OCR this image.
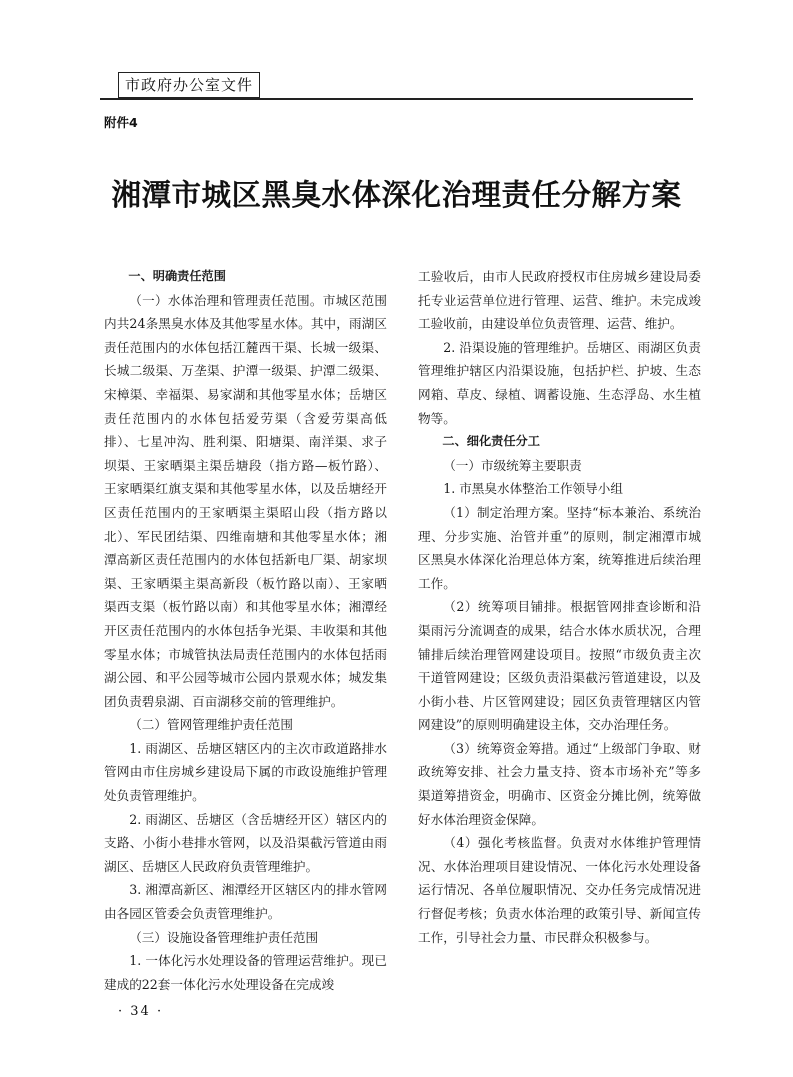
市政府办公室文件
附件4
湘潭市城区黑臭水体深化治理责任分解方案

一、明确责任范围

（一）水体治理和管理责任范围。市城区范围内共24条黑臭水体及其他零星水体。其中，雨湖区责任范围内的水体包括江麓西干渠、长城一级渠、长城二级渠、万垄渠、护潭一级渠、护潭二级渠、宋樟渠、幸福渠、易家湖和其他零星水体；岳塘区责任范围内的水体包括爱劳渠（含爱劳渠高低排）、七星冲沟、胜利渠、阳塘渠、南洋渠、求子坝渠、王家晒渠主渠岳塘段（指方路—板竹路）、王家晒渠红旗支渠和其他零星水体，以及岳塘经开区责任范围内的王家晒渠主渠昭山段（指方路以北）、军民团结渠、四维南塘和其他零星水体；湘潭高新区责任范围内的水体包括新电厂渠、胡家坝渠、王家晒渠主渠高新段（板竹路以南）、王家晒渠西支渠（板竹路以南）和其他零星水体；湘潭经开区责任范围内的水体包括争光渠、丰收渠和其他零星水体；市城管执法局责任范围内的水体包括雨湖公园、和平公园等城市公园内景观水体；城发集团负责碧泉湖、百亩湖移交前的管理维护。

（二）管网管理维护责任范围

1. 雨湖区、岳塘区辖区内的主次市政道路排水管网由市住房城乡建设局下属的市政设施维护管理处负责管理维护。

2. 雨湖区、岳塘区（含岳塘经开区）辖区内的支路、小街小巷排水管网，以及沿渠截污管道由雨湖区、岳塘区人民政府负责管理维护。

3. 湘潭高新区、湘潭经开区辖区内的排水管网由各园区管委会负责管理维护。

（三）设施设备管理维护责任范围

1. 一体化污水处理设备的管理运营维护。现已建成的22套一体化污水处理设备在完成竣

工验收后，由市人民政府授权市住房城乡建设局委托专业运营单位进行管理、运营、维护。未完成竣工验收前，由建设单位负责管理、运营、维护。

2. 沿渠设施的管理维护。岳塘区、雨湖区负责管理维护辖区内沿渠设施，包括护栏、护坡、生态网箱、草皮、绿植、调蓄设施、生态浮岛、水生植物等。

二、细化责任分工

（一）市级统筹主要职责

1. 市黑臭水体整治工作领导小组

（1）制定治理方案。坚持“标本兼治、系统治理、分步实施、治管并重”的原则，制定湘潭市城区黑臭水体深化治理总体方案，统筹推进后续治理工作。

（2）统筹项目铺排。根据管网排查诊断和沿渠雨污分流调查的成果，结合水体水质状况，合理铺排后续治理管网建设项目。按照“市级负责主次干道管网建设；区级负责沿渠截污管道建设，以及小街小巷、片区管网建设；园区负责管理辖区内管网建设”的原则明确建设主体，交办治理任务。

（3）统筹资金筹措。通过“上级部门争取、财政统筹安排、社会力量支持、资本市场补充”等多渠道筹措资金，明确市、区资金分摊比例，统筹做好水体治理资金保障。

（4）强化考核监督。负责对水体维护管理情况、水体治理项目建设情况、一体化污水处理设备运行情况、各单位履职情况、交办任务完成情况进行督促考核；负责水体治理的政策引导、新闻宣传工作，引导社会力量、市民群众积极参与。

· 34 ·
